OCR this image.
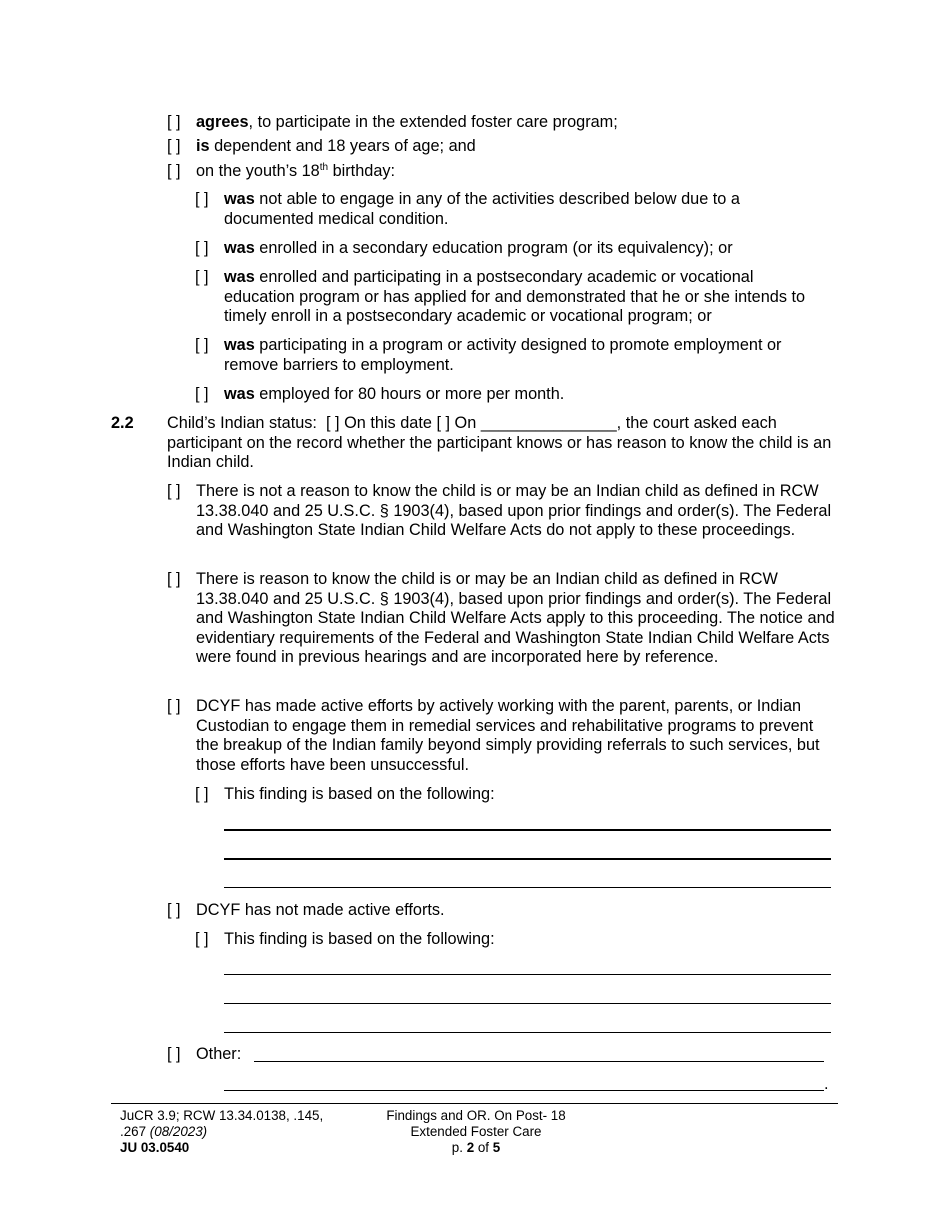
[ ] agrees, to participate in the extended foster care program;
[ ] is dependent and 18 years of age; and
[ ] on the youth’s 18th birthday:
[ ] was not able to engage in any of the activities described below due to a documented medical condition.
[ ] was enrolled in a secondary education program (or its equivalency); or
[ ] was enrolled and participating in a postsecondary academic or vocational education program or has applied for and demonstrated that he or she intends to timely enroll in a postsecondary academic or vocational program; or
[ ] was participating in a program or activity designed to promote employment or remove barriers to employment.
[ ] was employed for 80 hours or more per month.
2.2 Child’s Indian status: [ ] On this date [ ] On _______________, the court asked each participant on the record whether the participant knows or has reason to know the child is an Indian child.
[ ] There is not a reason to know the child is or may be an Indian child as defined in RCW 13.38.040 and 25 U.S.C. § 1903(4), based upon prior findings and order(s). The Federal and Washington State Indian Child Welfare Acts do not apply to these proceedings.
[ ] There is reason to know the child is or may be an Indian child as defined in RCW 13.38.040 and 25 U.S.C. § 1903(4), based upon prior findings and order(s). The Federal and Washington State Indian Child Welfare Acts apply to this proceeding. The notice and evidentiary requirements of the Federal and Washington State Indian Child Welfare Acts were found in previous hearings and are incorporated here by reference.
[ ] DCYF has made active efforts by actively working with the parent, parents, or Indian Custodian to engage them in remedial services and rehabilitative programs to prevent the breakup of the Indian family beyond simply providing referrals to such services, but those efforts have been unsuccessful.
[ ] This finding is based on the following:
[ ] DCYF has not made active efforts.
[ ] This finding is based on the following:
[ ] Other:
.
JuCR 3.9; RCW 13.34.0138, .145,
.267 (08/2023)
JU 03.0540
Findings and OR. On Post- 18
Extended Foster Care
p. 2 of 5
